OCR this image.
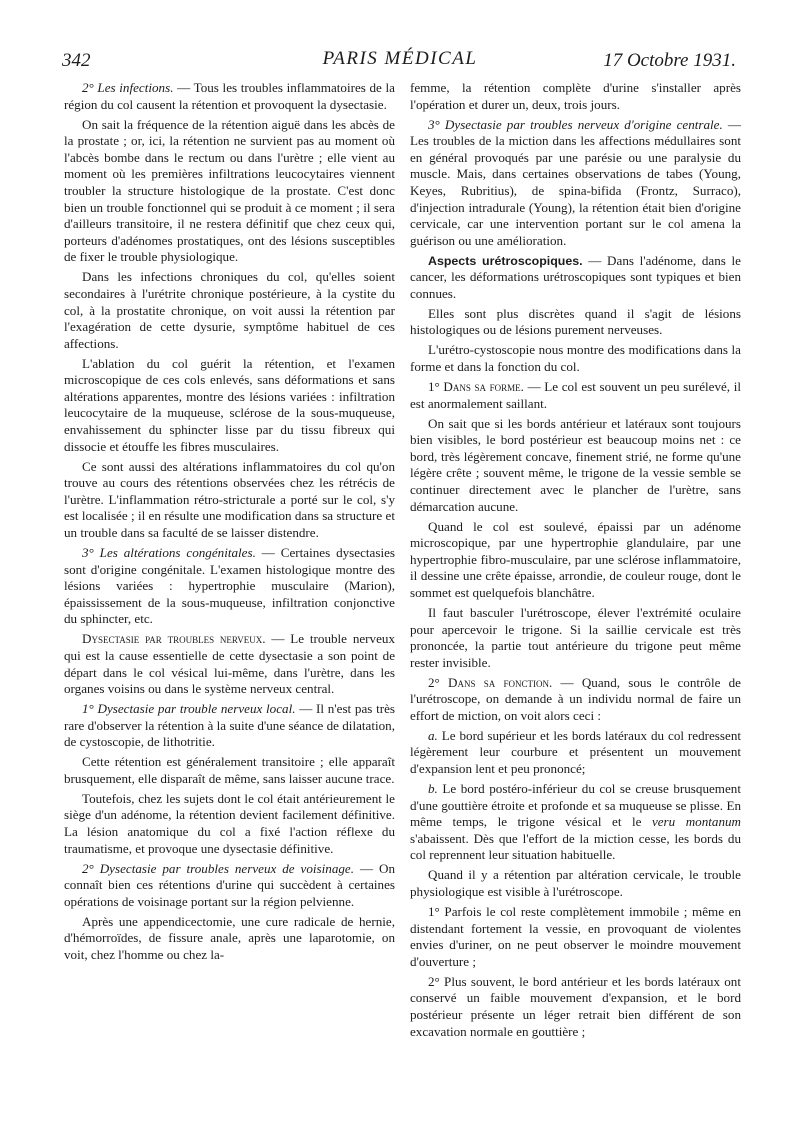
342	PARIS MÉDICAL	17 Octobre 1931.

2° Les infections. — Tous les troubles inflammatoires de la région du col causent la rétention et provoquent la dysectasie.

On sait la fréquence de la rétention aiguë dans les abcès de la prostate ; or, ici, la rétention ne survient pas au moment où l'abcès bombe dans le rectum ou dans l'urètre ; elle vient au moment où les premières infiltrations leucocytaires viennent troubler la structure histologique de la prostate. C'est donc bien un trouble fonctionnel qui se produit à ce moment ; il sera d'ailleurs transitoire, il ne restera définitif que chez ceux qui, porteurs d'adénomes prostatiques, ont des lésions susceptibles de fixer le trouble physiologique.

Dans les infections chroniques du col, qu'elles soient secondaires à l'urétrite chronique postérieure, à la cystite du col, à la prostatite chronique, on voit aussi la rétention par l'exagération de cette dysurie, symptôme habituel de ces affections.

L'ablation du col guérit la rétention, et l'examen microscopique de ces cols enlevés, sans déformations et sans altérations apparentes, montre des lésions variées : infiltration leucocytaire de la muqueuse, sclérose de la sous-muqueuse, envahissement du sphincter lisse par du tissu fibreux qui dissocie et étouffe les fibres musculaires.

Ce sont aussi des altérations inflammatoires du col qu'on trouve au cours des rétentions observées chez les rétrécis de l'urètre. L'inflammation rétro-stricturale a porté sur le col, s'y est localisée ; il en résulte une modification dans sa structure et un trouble dans sa faculté de se laisser distendre.

3° Les altérations congénitales. — Certaines dysectasies sont d'origine congénitale. L'examen histologique montre des lésions variées : hypertrophie musculaire (Marion), épaississement de la sous-muqueuse, infiltration conjonctive du sphincter, etc.

Dysectasie par troubles nerveux. — Le trouble nerveux qui est la cause essentielle de cette dysectasie a son point de départ dans le col vésical lui-même, dans l'urètre, dans les organes voisins ou dans le système nerveux central.

1° Dysectasie par trouble nerveux local. — Il n'est pas très rare d'observer la rétention à la suite d'une séance de dilatation, de cystoscopie, de lithotritie.

Cette rétention est généralement transitoire ; elle apparaît brusquement, elle disparaît de même, sans laisser aucune trace.

Toutefois, chez les sujets dont le col était antérieurement le siège d'un adénome, la rétention devient facilement définitive. La lésion anatomique du col a fixé l'action réflexe du traumatisme, et provoque une dysectasie définitive.

2° Dysectasie par troubles nerveux de voisinage. — On connaît bien ces rétentions d'urine qui succèdent à certaines opérations de voisinage portant sur la région pelvienne.

Après une appendicectomie, une cure radicale de hernie, d'hémorroïdes, de fissure anale, après une laparotomie, on voit, chez l'homme ou chez la-

femme, la rétention complète d'urine s'installer après l'opération et durer un, deux, trois jours.

3° Dysectasie par troubles nerveux d'origine centrale. —Les troubles de la miction dans les affections médullaires sont en général provoqués par une parésie ou une paralysie du muscle. Mais, dans certaines observations de tabes (Young, Keyes, Rubritius), de spina-bifida (Frontz, Surraco), d'injection intradurale (Young), la rétention était bien d'origine cervicale, car une intervention portant sur le col amena la guérison ou une amélioration.

Aspects urétroscopiques. — Dans l'adénome, dans le cancer, les déformations urétroscopiques sont typiques et bien connues.

Elles sont plus discrètes quand il s'agit de lésions histologiques ou de lésions purement nerveuses.

L'urétro-cystoscopie nous montre des modifications dans la forme et dans la fonction du col.

1° Dans sa forme. — Le col est souvent un peu surélevé, il est anormalement saillant.

On sait que si les bords antérieur et latéraux sont toujours bien visibles, le bord postérieur est beaucoup moins net : ce bord, très légèrement concave, finement strié, ne forme qu'une légère crête ; souvent même, le trigone de la vessie semble se continuer directement avec le plancher de l'urètre, sans démarcation aucune.

Quand le col est soulevé, épaissi par un adénome microscopique, par une hypertrophie glandulaire, par une hypertrophie fibro-musculaire, par une sclérose inflammatoire, il dessine une crête épaisse, arrondie, de couleur rouge, dont le sommet est quelquefois blanchâtre.

Il faut basculer l'urétroscope, élever l'extrémité oculaire pour apercevoir le trigone. Si la saillie cervicale est très prononcée, la partie tout antérieure du trigone peut même rester invisible.

2° Dans sa fonction. — Quand, sous le contrôle de l'urétroscope, on demande à un individu normal de faire un effort de miction, on voit alors ceci :

a. Le bord supérieur et les bords latéraux du col redressent légèrement leur courbure et présentent un mouvement d'expansion lent et peu prononcé;

b. Le bord postéro-inférieur du col se creuse brusquement d'une gouttière étroite et profonde et sa muqueuse se plisse. En même temps, le trigone vésical et le veru montanum s'abaissent. Dès que l'effort de la miction cesse, les bords du col reprennent leur situation habituelle.

Quand il y a rétention par altération cervicale, le trouble physiologique est visible à l'urétroscope.

1° Parfois le col reste complètement immobile ; même en distendant fortement la vessie, en provoquant de violentes envies d'uriner, on ne peut observer le moindre mouvement d'ouverture ;

2° Plus souvent, le bord antérieur et les bords latéraux ont conservé un faible mouvement d'expansion, et le bord postérieur présente un léger retrait bien différent de son excavation normale en gouttière ;
